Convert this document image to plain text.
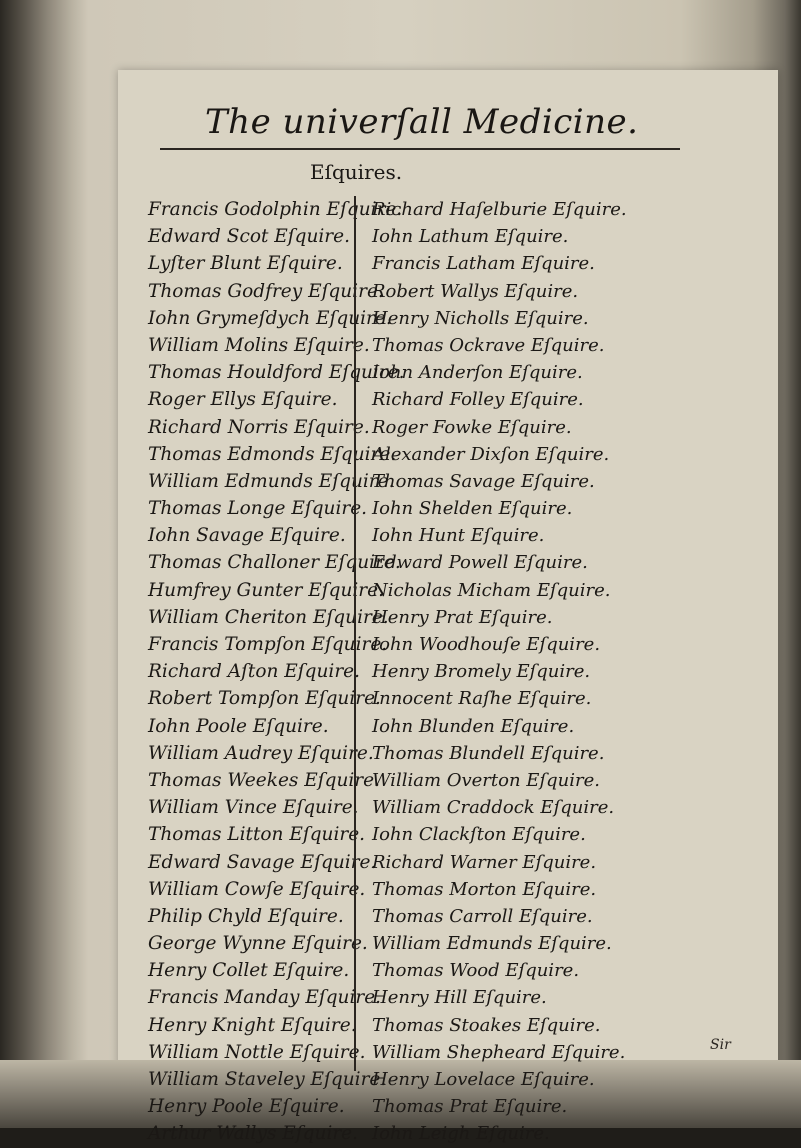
The univerſall Medicine.
Eſquires.
Francis Godolphin Eſquire.
Edward Scot Eſquire.
Lyſter Blunt Eſquire.
Thomas Godfrey Eſquire.
Iohn Grymeſdych Eſquire.
William Molins Eſquire.
Thomas Houldford Eſquire.
Roger Ellys Eſquire.
Richard Norris Eſquire.
Thomas Edmonds Eſquire.
William Edmunds Eſquire.
Thomas Longe Eſquire.
Iohn Savage Eſquire.
Thomas Challoner Eſquire.
Humfrey Gunter Eſquire.
William Cheriton Eſquire.
Francis Tompſon Eſquire.
Richard Aſton Eſquire.
Robert Tompſon Eſquire.
Iohn Poole Eſquire.
William Audrey Eſquire.
Thomas Weekes Eſquire.
William Vince Eſquire.
Thomas Litton Eſquire.
Edward Savage Eſquire.
William Cowſe Eſquire.
Philip Chyld Eſquire.
George Wynne Eſquire.
Henry Collet Eſquire.
Francis Manday Eſquire.
Henry Knight Eſquire.
William Nottle Eſquire.
William Staveley Eſquire.
Henry Poole Eſquire.
Arthur Wallys Eſquire.
Richard Haſelburie Eſquire.
Iohn Lathum Eſquire.
Francis Latham Eſquire.
Robert Wallys Eſquire.
Henry Nicholls Eſquire.
Thomas Ockrave Eſquire.
Iohn Anderſon Eſquire.
Richard Folley Eſquire.
Roger Fowke Eſquire.
Alexander Dixſon Eſquire.
Thomas Savage Eſquire.
Iohn Shelden Eſquire.
Iohn Hunt Eſquire.
Edward Powell Eſquire.
Nicholas Micham Eſquire.
Henry Prat Eſquire.
Iohn Woodhouſe Eſquire.
Henry Bromely Eſquire.
Innocent Raſhe Eſquire.
Iohn Blunden Eſquire.
Thomas Blundell Eſquire.
William Overton Eſquire.
William Craddock Eſquire.
Iohn Clackſton Eſquire.
Richard Warner Eſquire.
Thomas Morton Eſquire.
Thomas Carroll Eſquire.
William Edmunds Eſquire.
Thomas Wood Eſquire.
Henry Hill Eſquire.
Thomas Stoakes Eſquire.
William Shepheard Eſquire.
Henry Lovelace Eſquire.
Thomas Prat Eſquire.
Iohn Leigh Eſquire.
Sir
